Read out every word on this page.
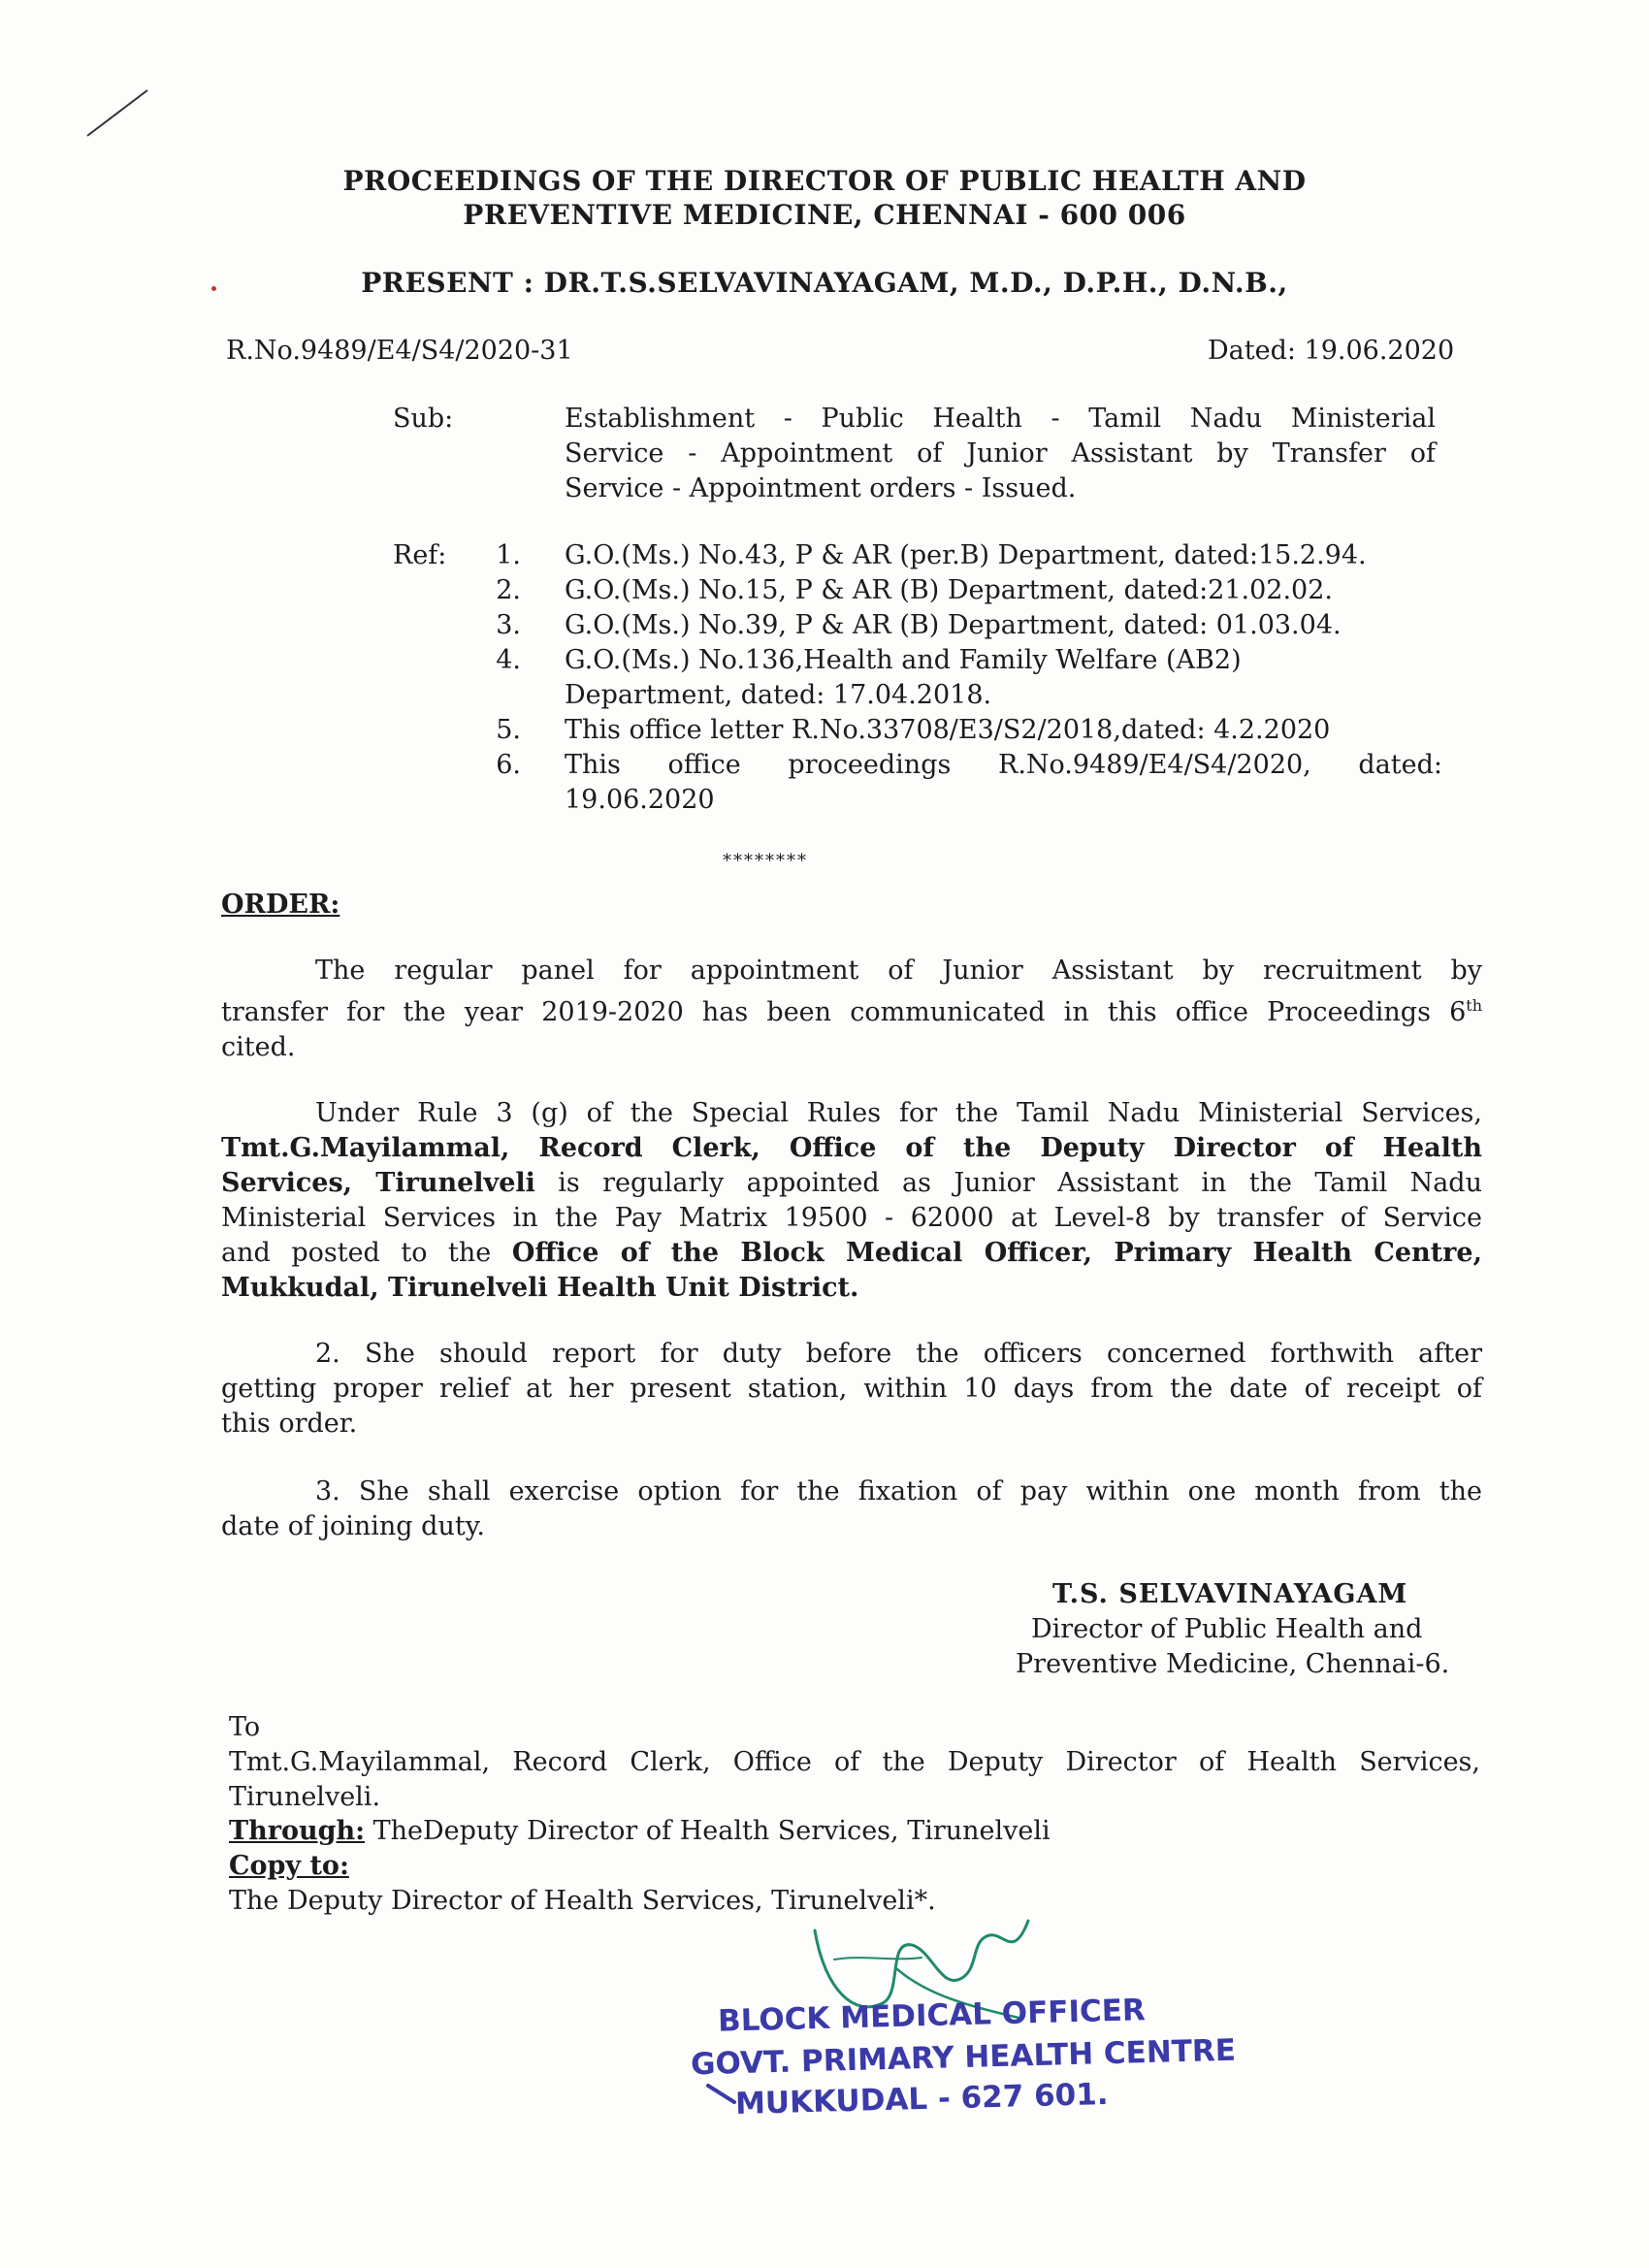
PROCEEDINGS OF THE DIRECTOR OF PUBLIC HEALTH AND
PREVENTIVE MEDICINE, CHENNAI - 600 006
PRESENT : DR.T.S.SELVAVINAYAGAM, M.D., D.P.H., D.N.B.,
R.No.9489/E4/S4/2020-31	Dated: 19.06.2020
Sub:	Establishment - Public Health - Tamil Nadu Ministerial
Service - Appointment of Junior Assistant by Transfer of
Service - Appointment orders - Issued.
Ref:	1.	G.O.(Ms.) No.43, P & AR (per.B) Department, dated:15.2.94.
2.	G.O.(Ms.) No.15, P & AR (B) Department, dated:21.02.02.
3.	G.O.(Ms.) No.39, P & AR (B) Department, dated: 01.03.04.
4.	G.O.(Ms.) No.136,Health and Family Welfare (AB2)
Department, dated: 17.04.2018.
5.	This office letter R.No.33708/E3/S2/2018,dated: 4.2.2020
6.	This office proceedings R.No.9489/E4/S4/2020, dated:
19.06.2020
********
ORDER:
The regular panel for appointment of Junior Assistant by recruitment by
transfer for the year 2019-2020 has been communicated in this office Proceedings 6th
cited.
Under Rule 3 (g) of the Special Rules for the Tamil Nadu Ministerial Services,
Tmt.G.Mayilammal, Record Clerk, Office of the Deputy Director of Health
Services, Tirunelveli is regularly appointed as Junior Assistant in the Tamil Nadu
Ministerial Services in the Pay Matrix 19500 - 62000 at Level-8 by transfer of Service
and posted to the Office of the Block Medical Officer, Primary Health Centre,
Mukkudal, Tirunelveli Health Unit District.
2. She should report for duty before the officers concerned forthwith after
getting proper relief at her present station, within 10 days from the date of receipt of
this order.
3. She shall exercise option for the fixation of pay within one month from the
date of joining duty.
T.S. SELVAVINAYAGAM
Director of Public Health and
Preventive Medicine, Chennai-6.
To
Tmt.G.Mayilammal, Record Clerk, Office of the Deputy Director of Health Services,
Tirunelveli.
Through: TheDeputy Director of Health Services, Tirunelveli
Copy to:
The Deputy Director of Health Services, Tirunelveli*.
BLOCK MEDICAL OFFICER
GOVT. PRIMARY HEALTH CENTRE
MUKKUDAL - 627 601.
